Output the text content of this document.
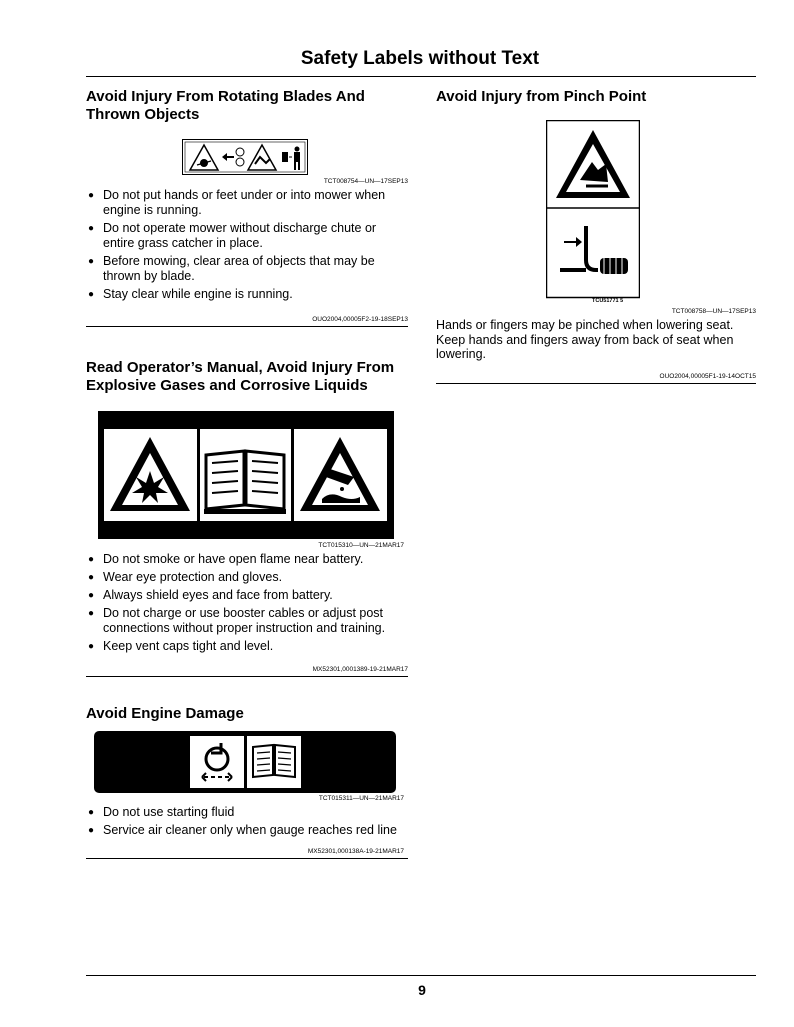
Safety Labels without Text
Avoid Injury From Rotating Blades And Thrown Objects
TCT008754—UN—17SEP13
● Do not put hands or feet under or into mower when engine is running.
● Do not operate mower without discharge chute or entire grass catcher in place.
● Before mowing, clear area of objects that may be thrown by blade.
● Stay clear while engine is running.
OUO2004,00005F2-19-18SEP13
Read Operator’s Manual, Avoid Injury From Explosive Gases and Corrosive Liquids
TCT015310—UN—21MAR17
● Do not smoke or have open flame near battery.
● Wear eye protection and gloves.
● Always shield eyes and face from battery.
● Do not charge or use booster cables or adjust post connections without proper instruction and training.
● Keep vent caps tight and level.
MX52301,0001389-19-21MAR17
Avoid Engine Damage
TCT015311—UN—21MAR17
● Do not use starting fluid
● Service air cleaner only when gauge reaches red line
MX52301,000138A-19-21MAR17
Avoid Injury from Pinch Point
TCU51771 5
TCT008758—UN—17SEP13
Hands or fingers may be pinched when lowering seat. Keep hands and fingers away from back of seat when lowering.
OUO2004,00005F1-19-14OCT15
9
